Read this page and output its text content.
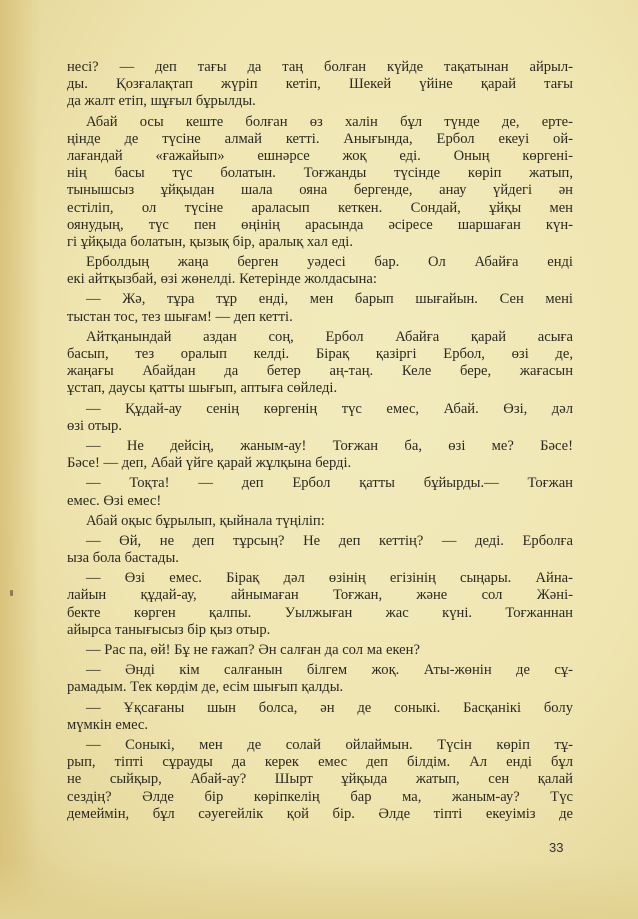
несі? — деп тағы да таң болған күйде тақатынан айрыл-
ды. Қозғалақтап жүріп кетіп, Шекей үйіне қарай тағы
да жалт етіп, шұғыл бұрылды.
Абай осы кеште болған өз халін бұл түнде де, ерте-
ңінде де түсіне алмай кетті. Анығында, Ербол екеуі ой-
лағандай «ғажайып» ешнәрсе жоқ еді. Оның көргені-
нің басы түс болатын. Тоғжанды түсінде көріп жатып,
тынышсыз ұйқыдан шала ояна бергенде, анау үйдегі ән
естіліп, ол түсіне араласып кеткен. Сондай, ұйқы мен
оянудың, түс пен өңінің арасында әсіресе шаршаған күн-
гі ұйқыда болатын, қызық бір, аралық хал еді.
Ерболдың жаңа берген уәдесі бар. Ол Абайға енді
екі айтқызбай, өзі жөнелді. Кетерінде жолдасына:
— Жә, тұра тұр енді, мен барып шығайын. Сен мені
тыстан тос, тез шығам! — деп кетті.
Айтқанындай аздан соң, Ербол Абайға қарай асыға
басып, тез оралып келді. Бірақ қазіргі Ербол, өзі де,
жаңағы Абайдан да бетер аң-таң. Келе бере, жағасын
ұстап, даусы қатты шығып, аптыға сөйледі.
— Құдай-ау сенің көргенің түс емес, Абай. Өзі, дәл
өзі отыр.
— Не дейсің, жаным-ау! Тоғжан ба, өзі ме? Бәсе!
Бәсе! — деп, Абай үйге қарай жұлқына берді.
— Тоқта! — деп Ербол қатты бұйырды.— Тоғжан
емес. Өзі емес!
Абай оқыс бұрылып, қыйнала түңіліп:
— Өй, не деп тұрсың? Не деп кеттің? — деді. Ерболға
ыза бола бастады.
— Өзі емес. Бірақ дәл өзінің егізінің сыңары. Айна-
лайын құдай-ау, айнымаған Тоғжан, және сол Жәні-
бекте көрген қалпы. Уылжыған жас күні. Тоғжаннан
айырса танығысыз бір қыз отыр.
— Рас па, өй! Бұ не ғажап? Ән салған да сол ма екен?
— Әнді кім салғанын білгем жоқ. Аты-жөнін де сұ-
рамадым. Тек көрдім де, есім шығып қалды.
— Ұқсағаны шын болса, ән де соныкі. Басқанікі болу
мүмкін емес.
— Соныкі, мен де солай ойлаймын. Түсін көріп тұ-
рып, тіпті сұрауды да керек емес деп білдім. Ал енді бұл
не сыйқыр, Абай-ау? Шырт ұйқыда жатып, сен қалай
сездің? Әлде бір көріпкелің бар ма, жаным-ау? Түс
демеймін, бұл сәуегейлік қой бір. Әлде тіпті екеуіміз де
33
